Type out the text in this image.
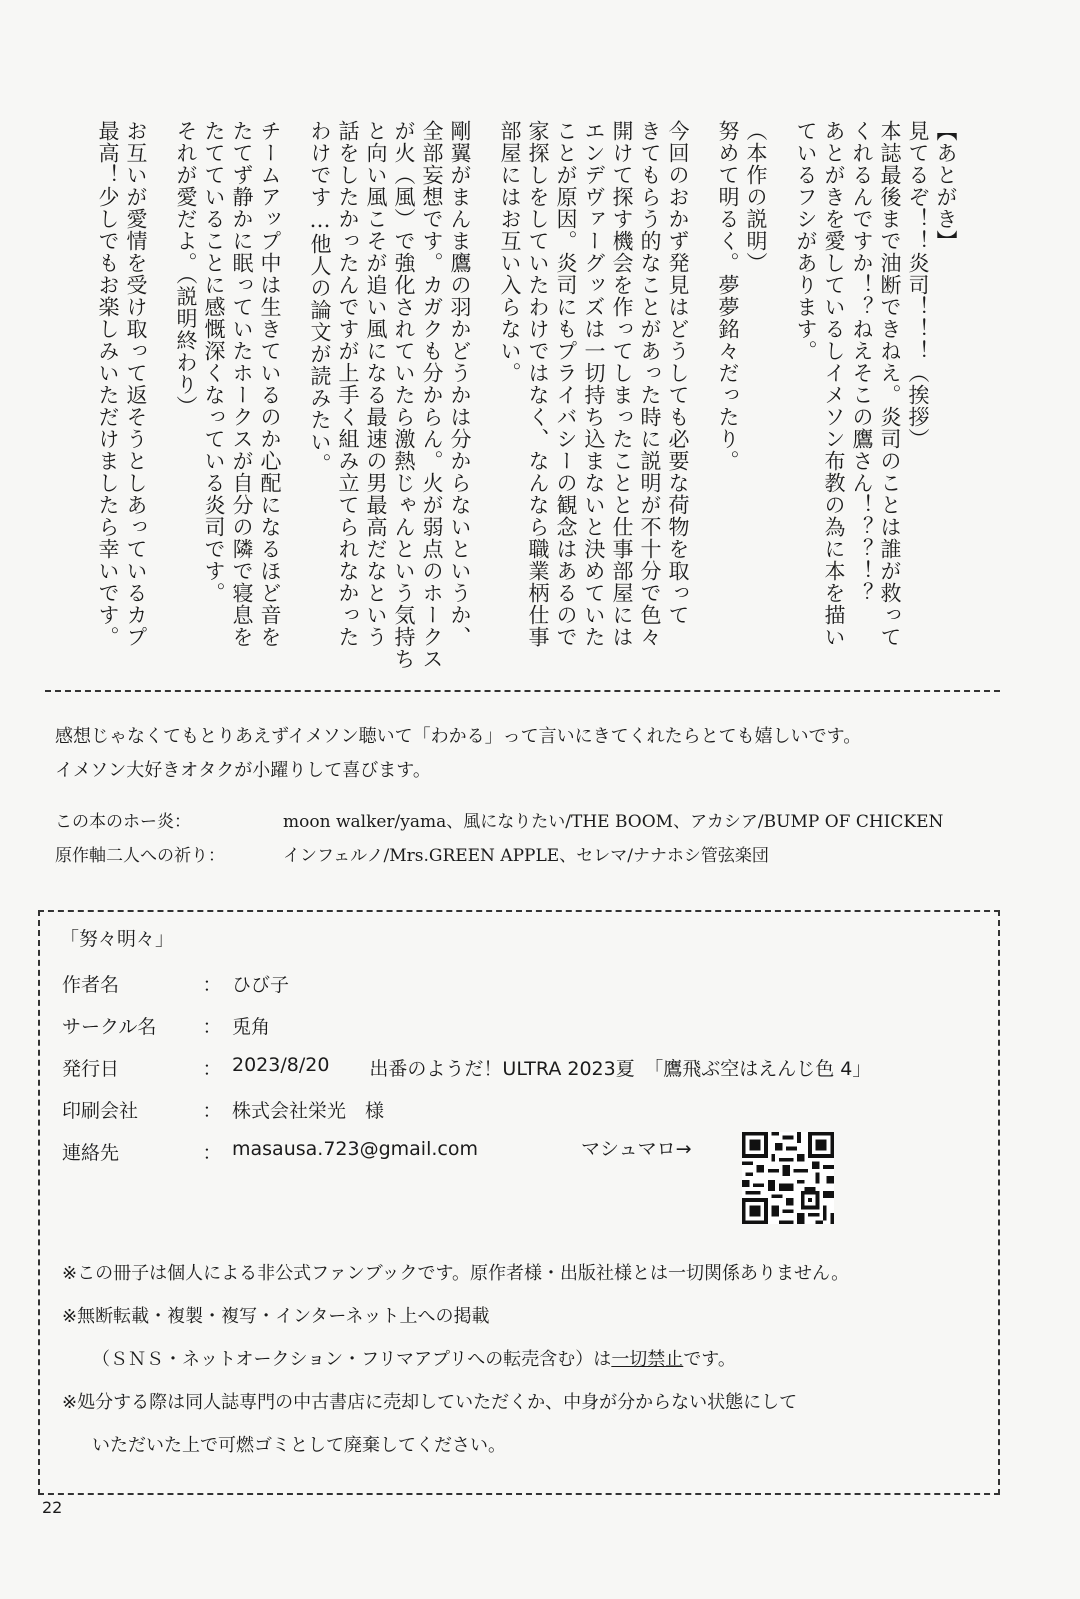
【あとがき】
見てるぞ！！炎司！！！（挨拶）
本誌最後まで油断できねえ。炎司のことは誰が救って
くれるんですか！？ねえそこの鷹さん！？？！？
あとがきを愛しているしイメソン布教の為に本を描い
ているフシがあります。
（本作の説明）
努めて明るく。夢夢銘々だったり。
今回のおかず発見はどうしても必要な荷物を取って
きてもらう的なことがあった時に説明が不十分で色々
開けて探す機会を作ってしまったことと仕事部屋には
エンデヴァーグッズは一切持ち込まないと決めていた
ことが原因。炎司にもプライバシーの観念はあるので
家探しをしていたわけではなく、なんなら職業柄仕事
部屋にはお互い入らない。
剛翼がまんま鷹の羽かどうかは分からないというか、
全部妄想です。カガクも分からん。火が弱点のホークス
が火（風）で強化されていたら激熱じゃんという気持ち
と向い風こそが追い風になる最速の男最高だなという
話をしたかったんですが上手く組み立てられなかった
わけです…他人の論文が読みたい。
チームアップ中は生きているのか心配になるほど音を
たてず静かに眠っていたホークスが自分の隣で寝息を
たてていることに感慨深くなっている炎司です。
それが愛だよ。（説明終わり）
お互いが愛情を受け取って返そうとしあっているカプ
最高！少しでもお楽しみいただけましたら幸いです。
感想じゃなくてもとりあえずイメソン聴いて「わかる」って言いにきてくれたらとても嬉しいです。
イメソン大好きオタクが小躍りして喜びます。
この本のホー炎：	moon walker/yama、風になりたい/THE BOOM、アカシア/BUMP OF CHICKEN
原作軸二人への祈り：	インフェルノ/Mrs.GREEN APPLE、セレマ/ナナホシ管弦楽団
「努々明々」
作者名	： ひび子
サークル名	： 兎角
発行日	： 2023/8/20 出番のようだ！ULTRA 2023夏　「鷹飛ぶ空はえんじ色 4」
印刷会社	： 株式会社栄光　様
連絡先	： masausa.723@gmail.com	マシュマロ→
※この冊子は個人による非公式ファンブックです。原作者様・出版社様とは一切関係ありません。
※無断転載・複製・複写・インターネット上への掲載
（ＳＮＳ・ネットオークション・フリマアプリへの転売含む）は一切禁止です。
※処分する際は同人誌専門の中古書店に売却していただくか、中身が分からない状態にして
いただいた上で可燃ゴミとして廃棄してください。
22
